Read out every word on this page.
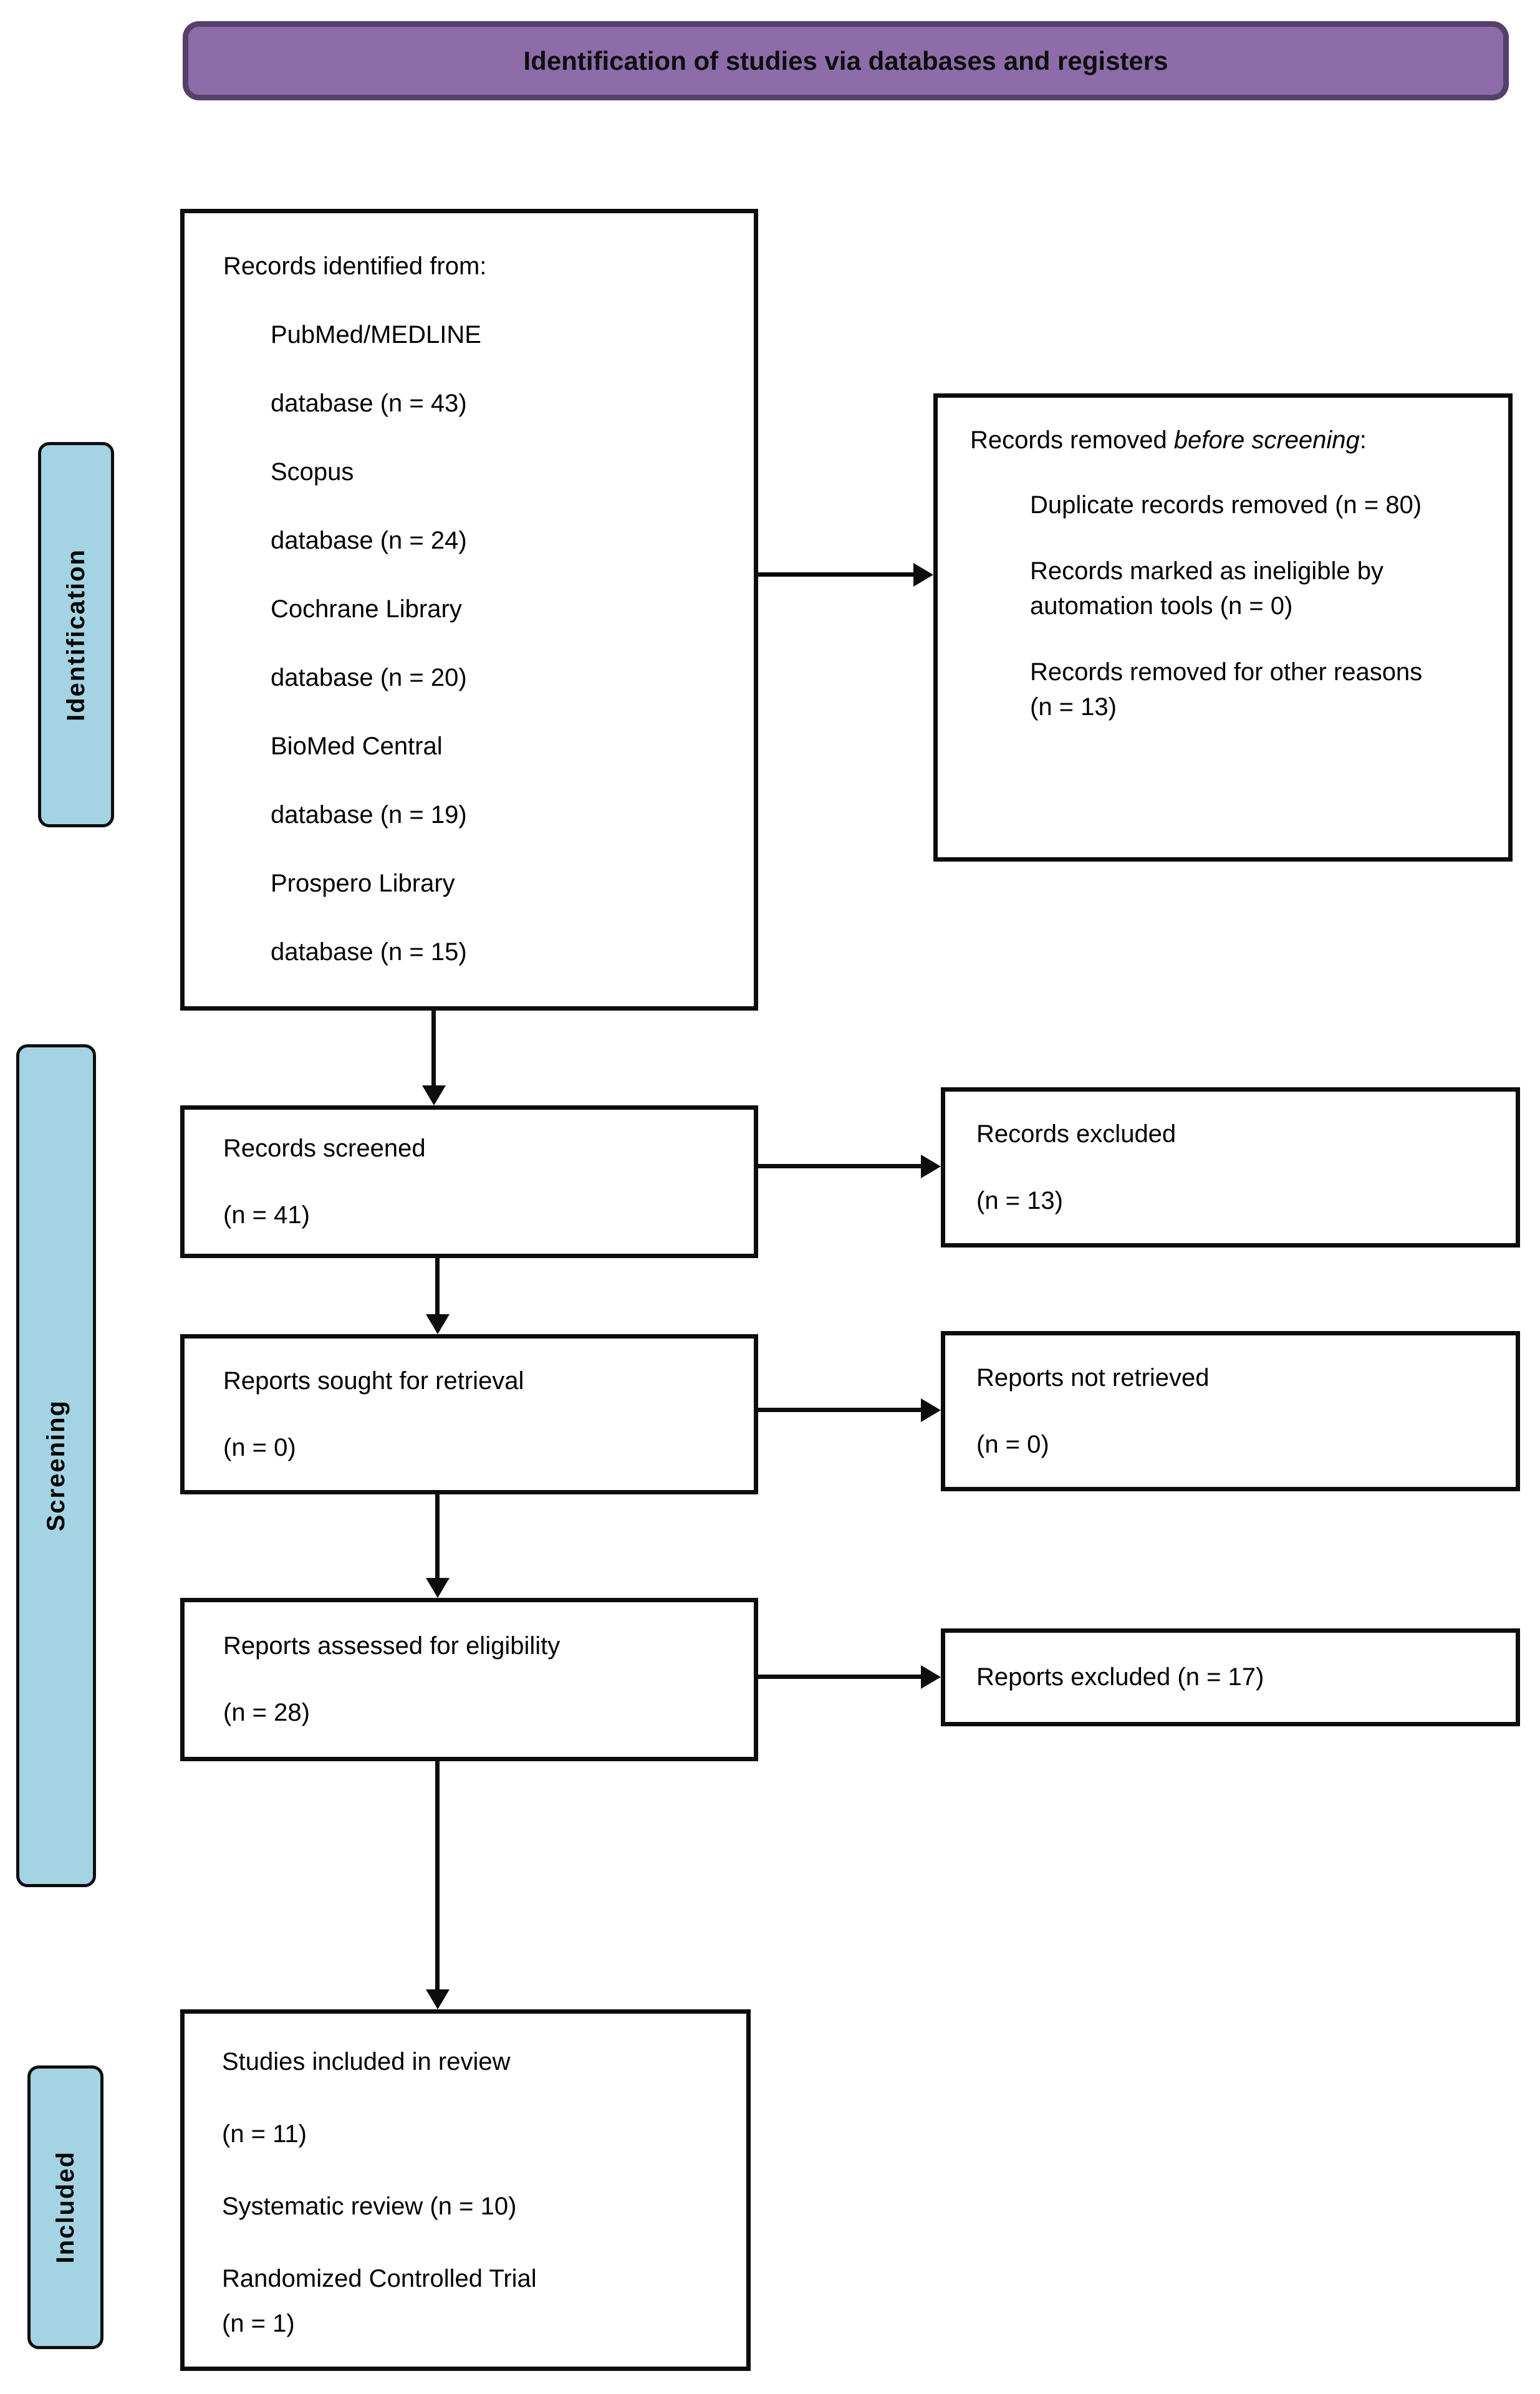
Identification of studies via databases and registers
Identification
Screening
Included
Records identified from:
PubMed/MEDLINE
database (n = 43)
Scopus
database (n = 24)
Cochrane Library
database (n = 20)
BioMed Central
database (n = 19)
Prospero Library
database (n = 15)
Records removed before screening:
Duplicate records removed (n = 80)
Records marked as ineligible by automation tools (n = 0)
Records removed for other reasons (n = 13)
Records screened
(n = 41)
Records excluded
(n = 13)
Reports sought for retrieval
(n = 0)
Reports not retrieved
(n = 0)
Reports assessed for eligibility
(n = 28)
Reports excluded (n = 17)
Studies included in review
(n = 11)
Systematic review (n = 10)
Randomized Controlled Trial
(n = 1)
